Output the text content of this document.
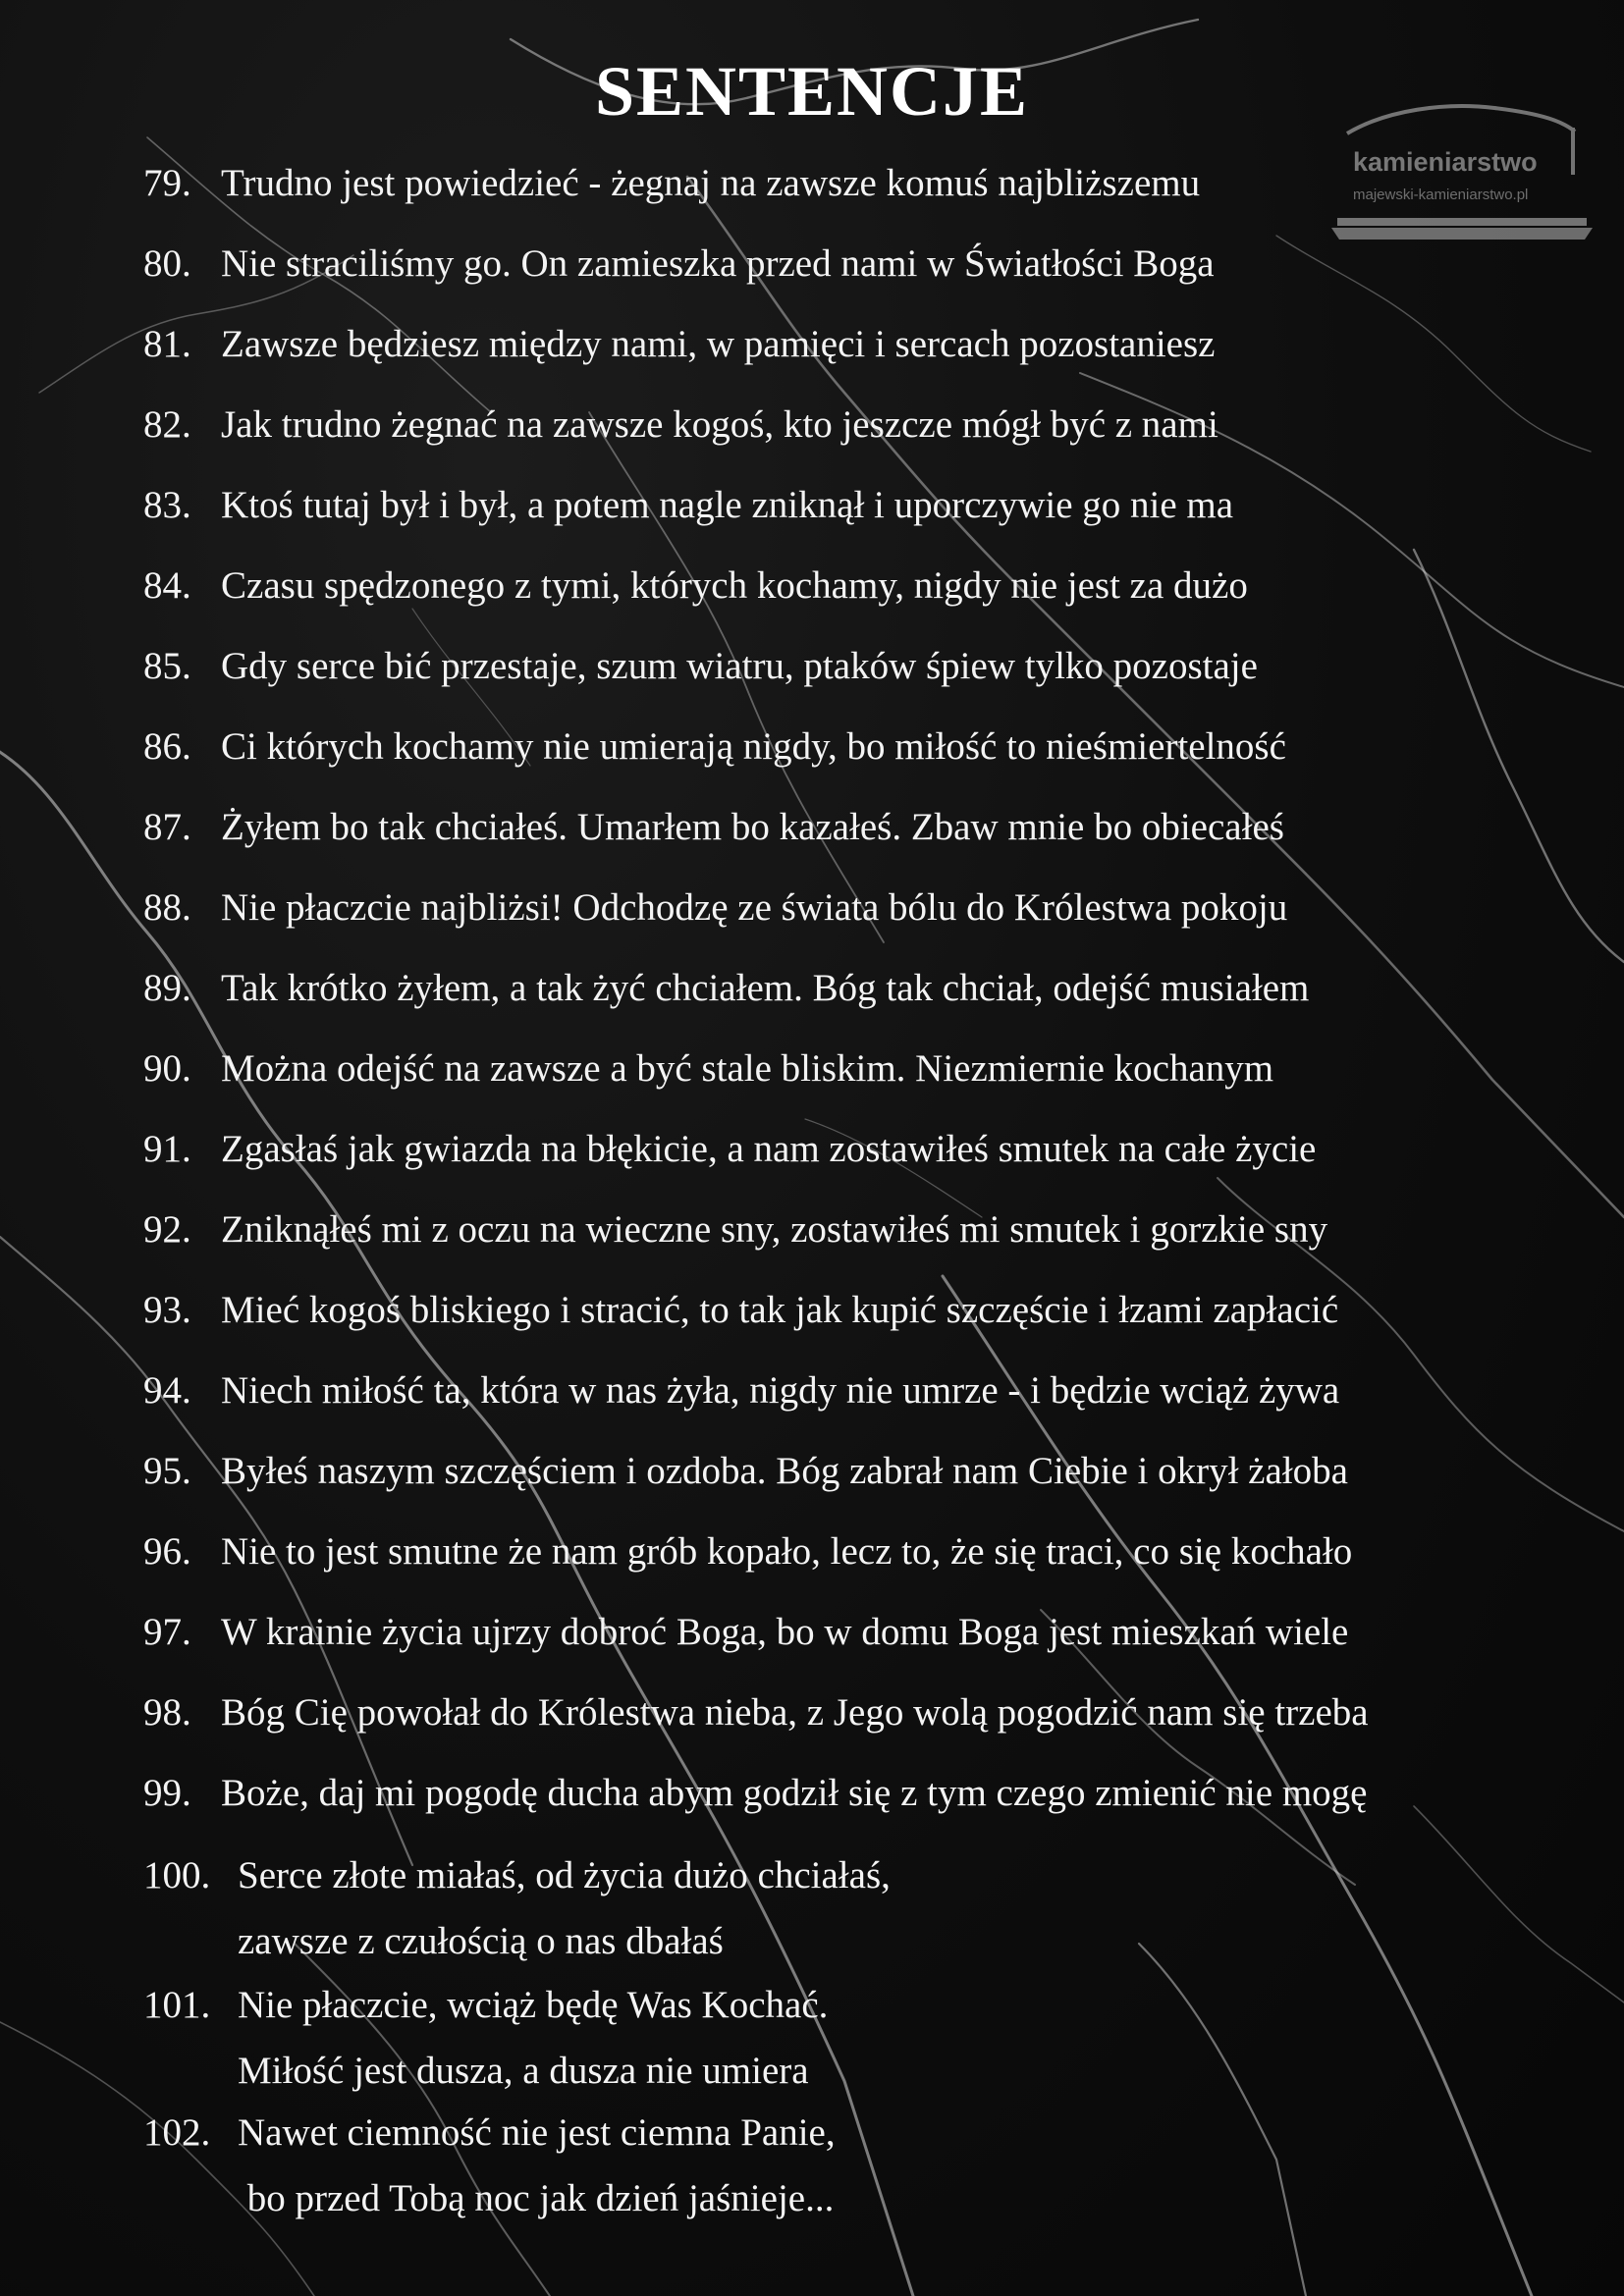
SENTENCJE
kamieniarstwo
majewski-kamieniarstwo.pl
79. Trudno jest powiedzieć - żegnaj na zawsze komuś najbliższemu
80. Nie straciliśmy go. On zamieszka przed nami w Światłości Boga
81. Zawsze będziesz między nami, w pamięci i sercach pozostaniesz
82. Jak trudno żegnać na zawsze kogoś, kto jeszcze mógł być z nami
83. Ktoś tutaj był i był, a potem nagle zniknął i uporczywie go nie ma
84. Czasu spędzonego z tymi, których kochamy, nigdy nie jest za dużo
85. Gdy serce bić przestaje, szum wiatru, ptaków śpiew tylko pozostaje
86. Ci których kochamy nie umierają nigdy, bo miłość to nieśmiertelność
87. Żyłem bo tak chciałeś. Umarłem bo kazałeś. Zbaw mnie bo obiecałeś
88. Nie płaczcie najbliżsi! Odchodzę ze świata bólu do Królestwa pokoju
89. Tak krótko żyłem, a tak żyć chciałem. Bóg tak chciał, odejść musiałem
90. Można odejść na zawsze a być stale bliskim. Niezmiernie kochanym
91. Zgasłaś jak gwiazda na błękicie, a nam zostawiłeś smutek na całe życie
92. Zniknąłeś mi z oczu na wieczne sny, zostawiłeś mi smutek i gorzkie sny
93. Mieć kogoś bliskiego i stracić, to tak jak kupić szczęście i łzami zapłacić
94. Niech miłość ta, która w nas żyła, nigdy nie umrze - i będzie wciąż żywa
95. Byłeś naszym szczęściem i ozdoba. Bóg zabrał nam Ciebie i okrył żałoba
96. Nie to jest smutne że nam grób kopało, lecz to, że się traci, co się kochało
97. W krainie życia ujrzy dobroć Boga, bo w domu Boga jest mieszkań wiele
98. Bóg Cię powołał do Królestwa nieba, z Jego wolą pogodzić nam się trzeba
99. Boże, daj mi pogodę ducha abym godził się z tym czego zmienić nie mogę
100. Serce złote miałaś, od życia dużo chciałaś,
zawsze z czułością o nas dbałaś
101. Nie płaczcie, wciąż będę Was Kochać.
Miłość jest dusza, a dusza nie umiera
102. Nawet ciemność nie jest ciemna Panie,
bo przed Tobą noc jak dzień jaśnieje...
